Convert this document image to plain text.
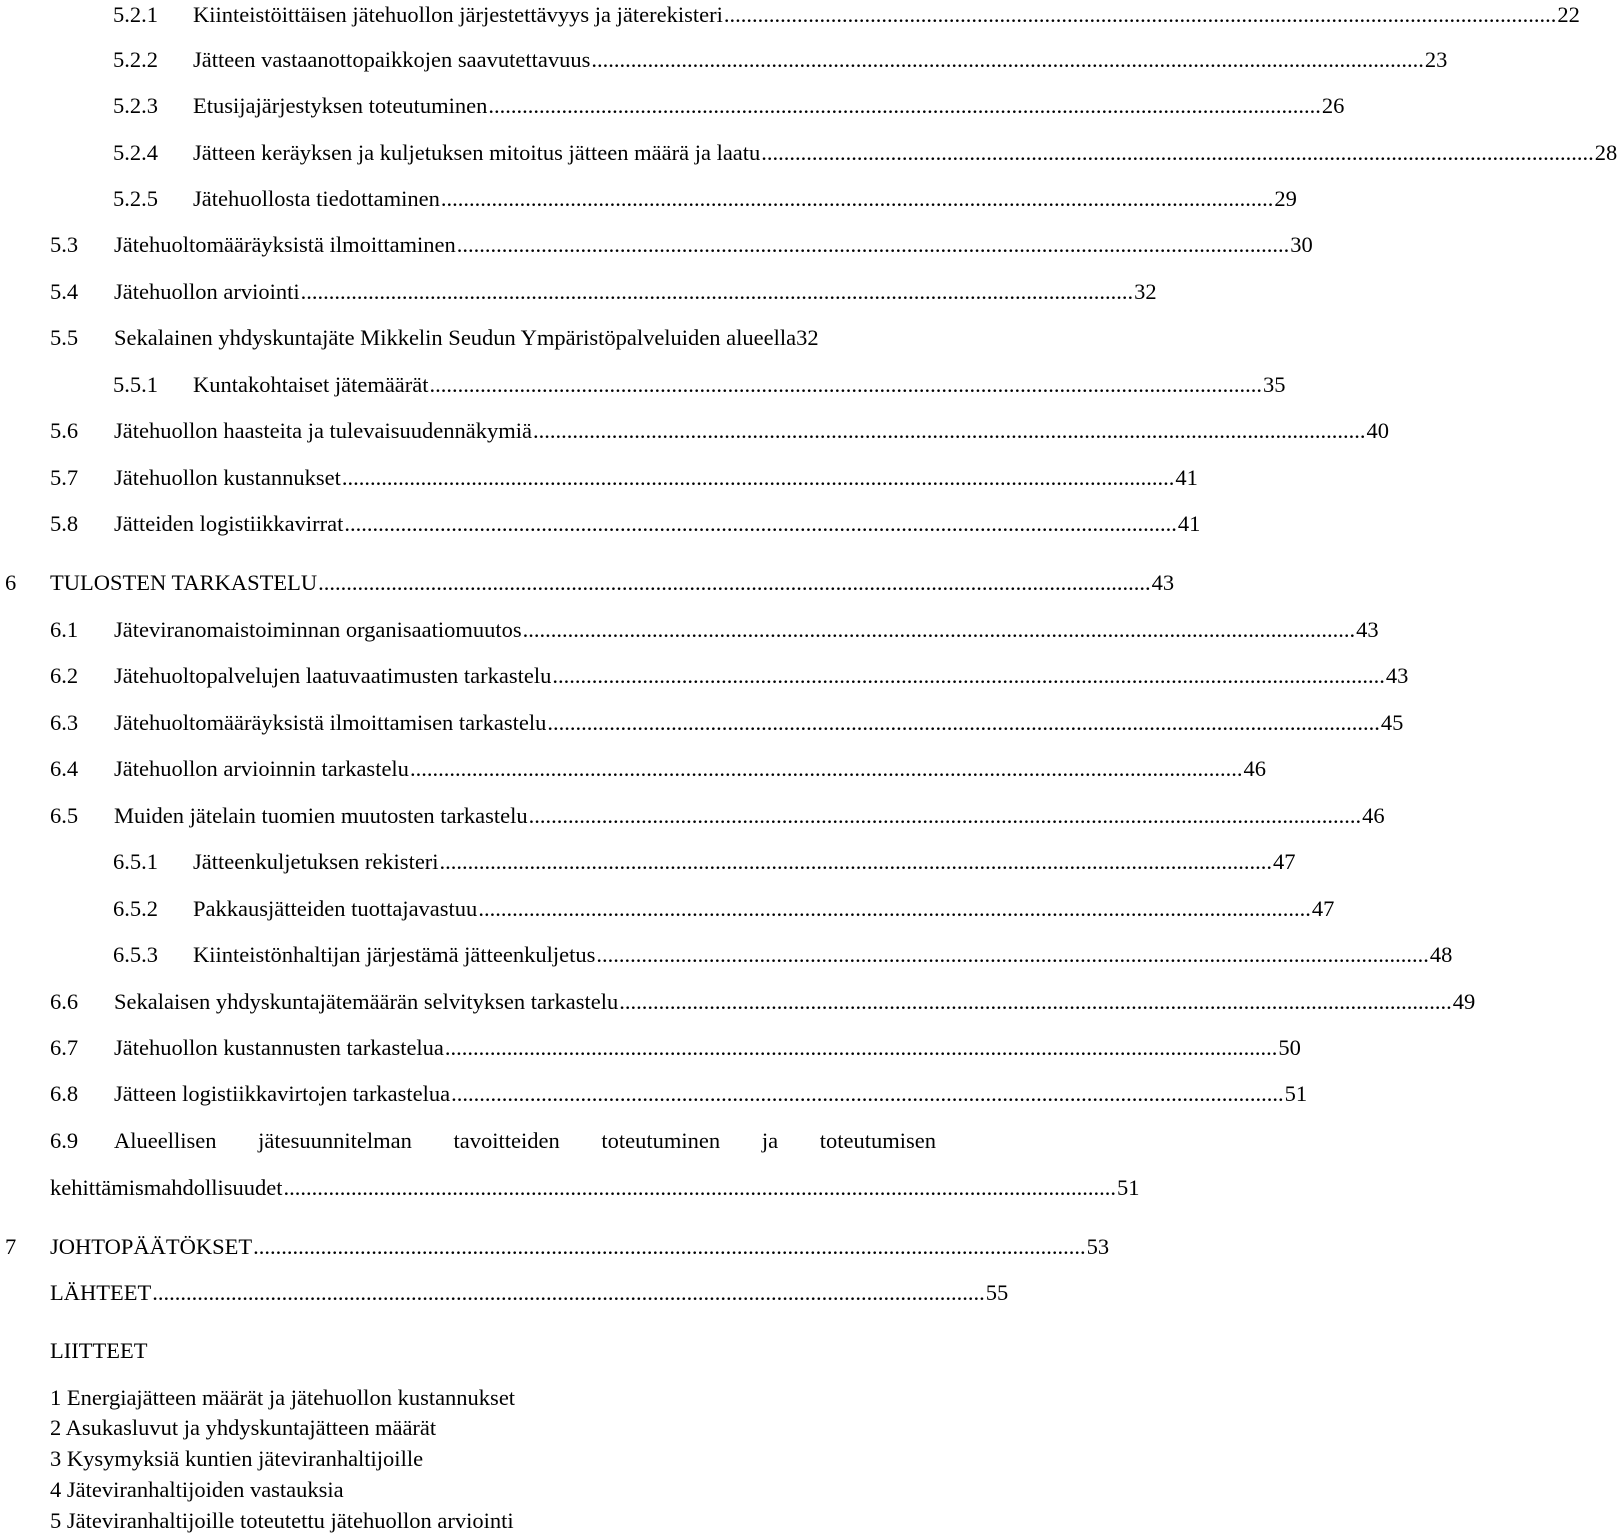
5.2.1	Kiinteistöittäisen jätehuollon järjestettävyys ja jäterekisteri .................................................................................................................................................... 22
5.2.2	Jätteen vastaanottopaikkojen saavutettavuus .................................................................................................................................................... 23
5.2.3	Etusijajärjestyksen toteutuminen .................................................................................................................................................... 26
5.2.4	Jätteen keräyksen ja kuljetuksen mitoitus jätteen määrä ja laatu .................................................................................................................................................... 28
5.2.5	Jätehuollosta tiedottaminen .................................................................................................................................................... 29
5.3	Jätehuoltomääräyksistä ilmoittaminen .................................................................................................................................................... 30
5.4	Jätehuollon arviointi .................................................................................................................................................... 32
5.5	Sekalainen yhdyskuntajäte Mikkelin Seudun Ympäristöpalveluiden alueella 32
5.5.1	Kuntakohtaiset jätemäärät .................................................................................................................................................... 35
5.6	Jätehuollon haasteita ja tulevaisuudennäkymiä .................................................................................................................................................... 40
5.7	Jätehuollon kustannukset .................................................................................................................................................... 41
5.8	Jätteiden logistiikkavirrat .................................................................................................................................................... 41
6	TULOSTEN TARKASTELU .................................................................................................................................................... 43
6.1	Jäteviranomaistoiminnan organisaatiomuutos .................................................................................................................................................... 43
6.2	Jätehuoltopalvelujen laatuvaatimusten tarkastelu .................................................................................................................................................... 43
6.3	Jätehuoltomääräyksistä ilmoittamisen tarkastelu .................................................................................................................................................... 45
6.4	Jätehuollon arvioinnin tarkastelu .................................................................................................................................................... 46
6.5	Muiden jätelain tuomien muutosten tarkastelu .................................................................................................................................................... 46
6.5.1	Jätteenkuljetuksen rekisteri .................................................................................................................................................... 47
6.5.2	Pakkausjätteiden tuottajavastuu .................................................................................................................................................... 47
6.5.3	Kiinteistönhaltijan järjestämä jätteenkuljetus .................................................................................................................................................... 48
6.6	Sekalaisen yhdyskuntajätemäärän selvityksen tarkastelu .................................................................................................................................................... 49
6.7	Jätehuollon kustannusten tarkastelua .................................................................................................................................................... 50
6.8	Jätteen logistiikkavirtojen tarkastelua .................................................................................................................................................... 51
6.9	Alueellisen jätesuunnitelman tavoitteiden toteutuminen ja toteutumisen
kehittämismahdollisuudet .................................................................................................................................................... 51
7	JOHTOPÄÄTÖKSET .................................................................................................................................................... 53
LÄHTEET .................................................................................................................................................... 55
LIITTEET
1 Energiajätteen määrät ja jätehuollon kustannukset
2 Asukasluvut ja yhdyskuntajätteen määrät
3 Kysymyksiä kuntien jäteviranhaltijoille
4 Jäteviranhaltijoiden vastauksia
5 Jäteviranhaltijoille toteutettu jätehuollon arviointi
